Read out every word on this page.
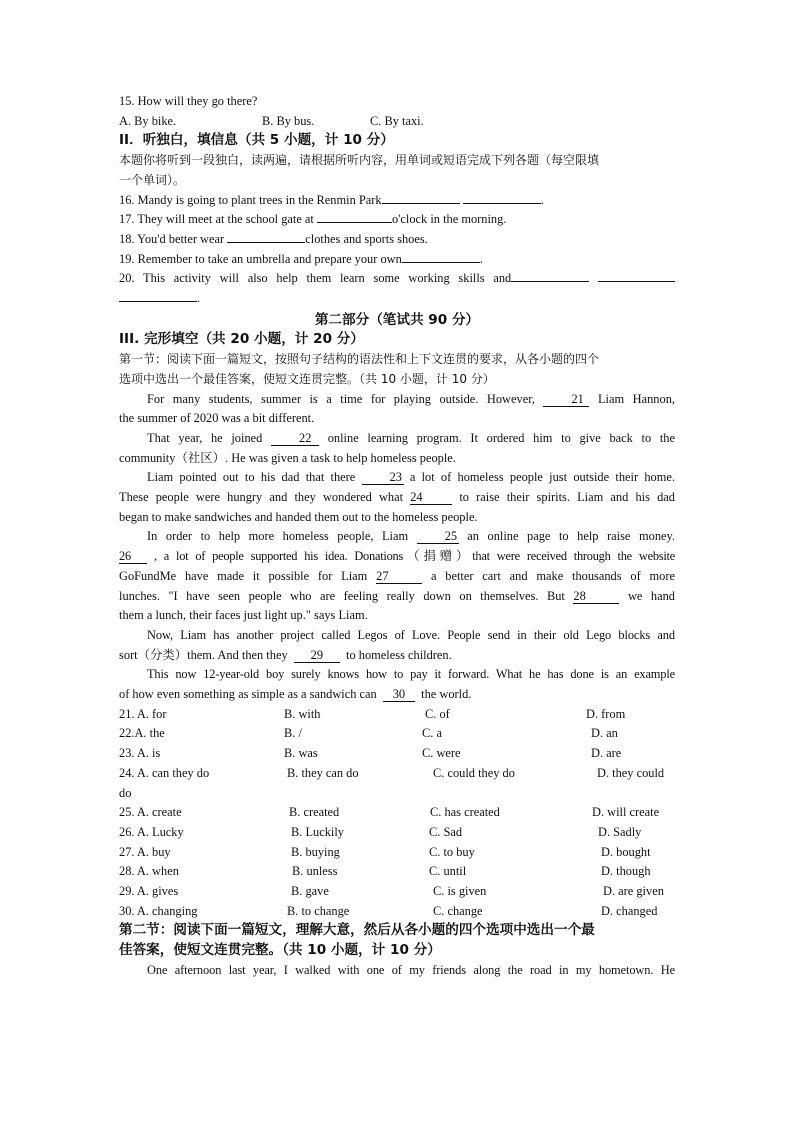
15. How will they go there?
A. By bike.	B. By bus.	C. By taxi.
II．听独白，填信息（共 5 小题，计 10 分）
本题你将听到一段独白，读两遍，请根据所听内容，用单词或短语完成下列各题（每空限填
一个单词）。
16. Mandy is going to plant trees in the Renmin Park	.
17. They will meet at the school gate at	o'clock in the morning.
18. You'd better wear	clothes and sports shoes.
19. Remember to take an umbrella and prepare your own	.
20. This activity will also help them learn some working skills and
.
第二部分（笔试共 90 分）
III. 完形填空（共 20 小题，计 20 分）
第一节：阅读下面一篇短文，按照句子结构的语法性和上下文连贯的要求，从各小题的四个
选项中选出一个最佳答案，使短文连贯完整。（共 10 小题，计 10 分）
For many students, summer is a time for playing outside. However,	21 Liam Hannon,
the summer of 2020 was a bit different.
That year, he joined	22 online learning program. It ordered him to give back to the
community（社区）. He was given a task to help homeless people.
Liam pointed out to his dad that there	23 a lot of homeless people just outside their home.
These people were hungry and they wondered what 24	to raise their spirits. Liam and his dad
began to make sandwiches and handed them out to the homeless people.
In order to help more homeless people, Liam	25 an online page to help raise money.
26 , a lot of people supported his idea. Donations（捐赠）that were received through the website
GoFundMe have made it possible for Liam 27	a better cart and make thousands of more
lunches. "I have seen people who are feeling really down on themselves. But 28	we hand
them a lunch, their faces just light up." says Liam.
Now, Liam has another project called Legos of Love. People send in their old Lego blocks and
sort（分类）them. And then they 29 to homeless children.
This now 12-year-old boy surely knows how to pay it forward. What he has done is an example
of how even something as simple as a sandwich can 30 the world.
21. A. for	B. with	C. of	D. from
22.A. the	B. /	C. a	D. an
23. A. is	B. was	C. were	D. are
24. A. can they do	B. they can do	C. could they do	D. they could
do
25. A. create	B. created	C. has created	D. will create
26. A. Lucky	B. Luckily	C. Sad	D. Sadly
27. A. buy	B. buying	C. to buy	D. bought
28. A. when	B. unless	C. until	D. though
29. A. gives	B. gave	C. is given	D. are given
30. A. changing	B. to change	C. change	D. changed
第二节：阅读下面一篇短文，理解大意，然后从各小题的四个选项中选出一个最
佳答案，使短文连贯完整。（共 10 小题，计 10 分）
One afternoon last year, I walked with one of my friends along the road in my hometown. He
